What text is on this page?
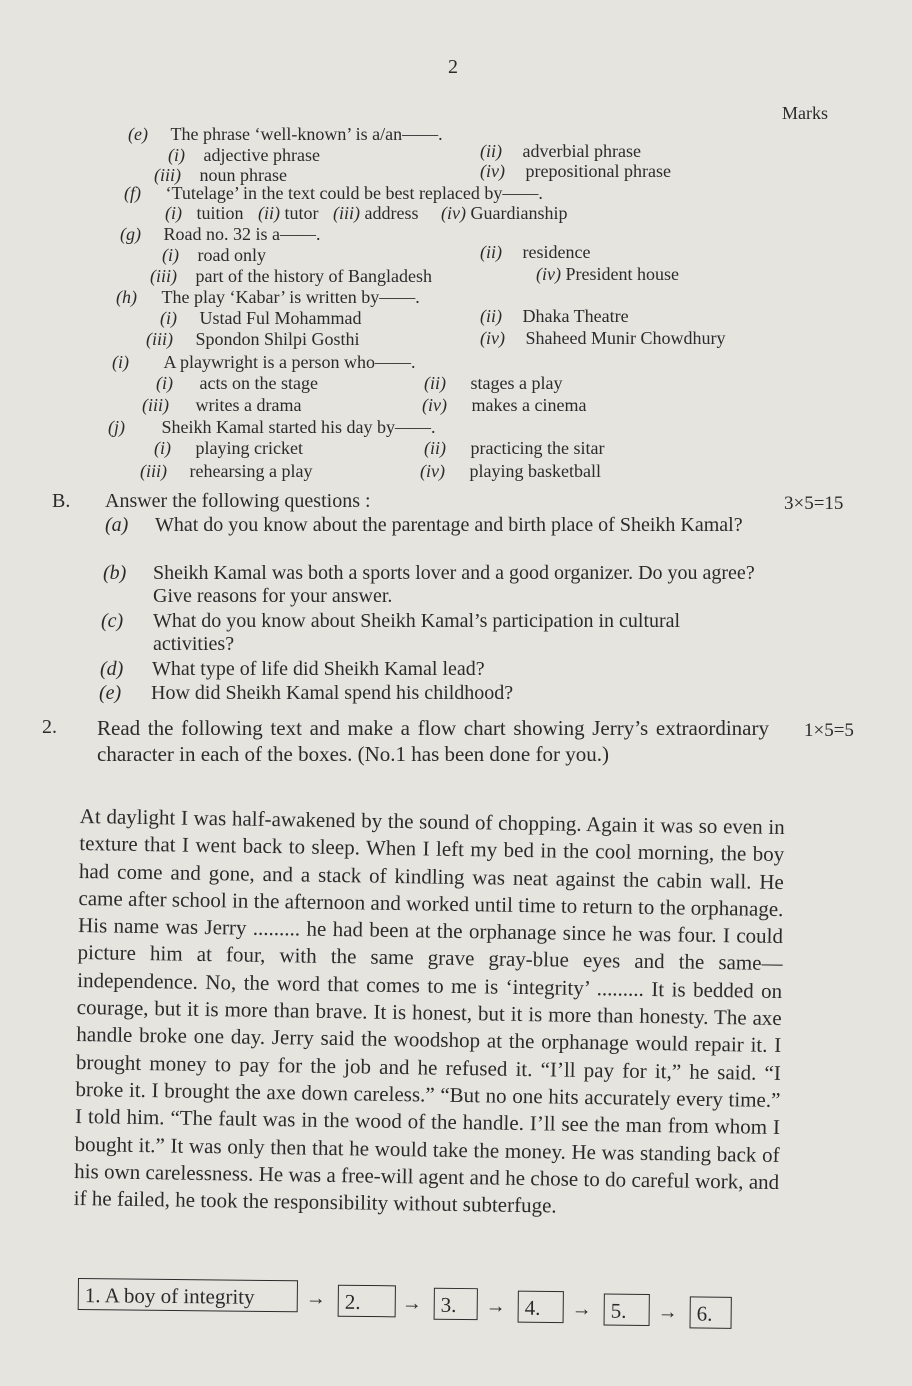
2
Marks
(e) The phrase ‘well-known’ is a/an——.
(i) adjective phrase	(ii) adverbial phrase
(iii) noun phrase	(iv) prepositional phrase
(f) ‘Tutelage’ in the text could be best replaced by——.
(i) tuition (ii) tutor (iii) address (iv) Guardianship
(g) Road no. 32 is a——.
(i) road only	(ii) residence
(iii) part of the history of Bangladesh	(iv) President house
(h) The play ‘Kabar’ is written by——.
(i) Ustad Ful Mohammad	(ii) Dhaka Theatre
(iii) Spondon Shilpi Gosthi	(iv) Shaheed Munir Chowdhury
(i) A playwright is a person who——.
(i) acts on the stage	(ii) stages a play
(iii) writes a drama	(iv) makes a cinema
(j) Sheikh Kamal started his day by——.
(i) playing cricket	(ii) practicing the sitar
(iii) rehearsing a play	(iv) playing basketball
B. Answer the following questions :	3×5=15
(a) What do you know about the parentage and birth place of Sheikh Kamal?
(b) Sheikh Kamal was both a sports lover and a good organizer. Do you agree? Give reasons for your answer.
(c) What do you know about Sheikh Kamal’s participation in cultural activities?
(d) What type of life did Sheikh Kamal lead?
(e) How did Sheikh Kamal spend his childhood?
2. Read the following text and make a flow chart showing Jerry’s extraordinary character in each of the boxes. (No.1 has been done for you.)
1×5=5
At daylight I was half-awakened by the sound of chopping. Again it was so even in texture that I went back to sleep. When I left my bed in the cool morning, the boy had come and gone, and a stack of kindling was neat against the cabin wall. He came after school in the afternoon and worked until time to return to the orphanage. His name was Jerry ......... he had been at the orphanage since he was four. I could picture him at four, with the same grave gray-blue eyes and the same—independence. No, the word that comes to me is ‘integrity’ ......... It is bedded on courage, but it is more than brave. It is honest, but it is more than honesty. The axe handle broke one day. Jerry said the woodshop at the orphanage would repair it. I brought money to pay for the job and he refused it. “I’ll pay for it,” he said. “I broke it. I brought the axe down careless.” “But no one hits accurately every time.” I told him. “The fault was in the wood of the handle. I’ll see the man from whom I bought it.” It was only then that he would take the money. He was standing back of his own carelessness. He was a free-will agent and he chose to do careful work, and if he failed, he took the responsibility without subterfuge.
1. A boy of integrity	→ 2.	→ 3.	→ 4.	→ 5.	→ 6.
